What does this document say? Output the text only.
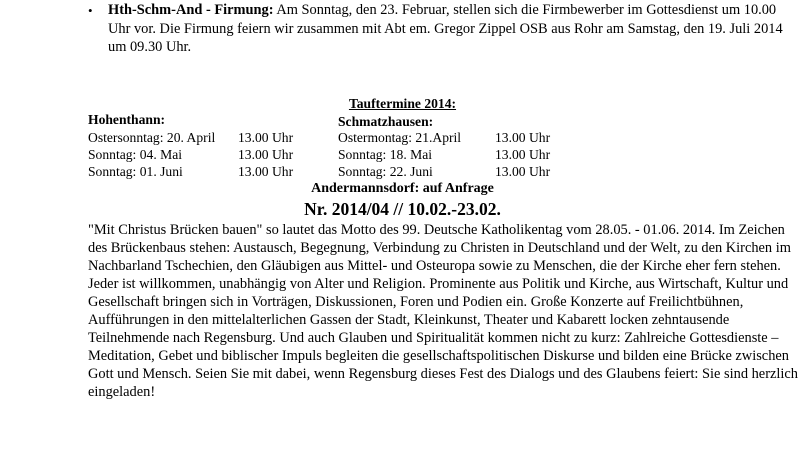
• Hth-Schm-And - Firmung: Am Sonntag, den 23. Februar, stellen sich die Firmbewerber im Gottesdienst um 10.00 Uhr vor. Die Firmung feiern wir zusammen mit Abt em. Gregor Zippel OSB aus Rohr am Samstag, den 19. Juli 2014 um 09.30 Uhr.
Tauftermine 2014:
Hohenthann:	Schmatzhausen:
Ostersonntag: 20. April 13.00 Uhr
Sonntag: 04. Mai	13.00 Uhr
Sonntag: 01. Juni	13.00 Uhr
Ostermontag: 21.April 13.00 Uhr
Sonntag: 18. Mai	13.00 Uhr
Sonntag: 22. Juni	13.00 Uhr
Andermannsdorf: auf Anfrage
Nr. 2014/04 // 10.02.-23.02.
"Mit Christus Brücken bauen" so lautet das Motto des 99. Deutsche Katholikentag vom 28.05. - 01.06. 2014. Im Zeichen des Brückenbaus stehen: Austausch, Begegnung, Verbindung zu Christen in Deutschland und der Welt, zu den Kirchen im Nachbarland Tschechien, den Gläubigen aus Mittel- und Osteuropa sowie zu Menschen, die der Kirche eher fern stehen. Jeder ist willkommen, unabhängig von Alter und Religion. Prominente aus Politik und Kirche, aus Wirtschaft, Kultur und Gesellschaft bringen sich in Vorträgen, Diskussionen, Foren und Podien ein. Große Konzerte auf Freilichtbühnen, Aufführungen in den mittelalterlichen Gassen der Stadt, Kleinkunst, Theater und Kabarett locken zehntausende Teilnehmende nach Regensburg. Und auch Glauben und Spiritualität kommen nicht zu kurz: Zahlreiche Gottesdienste – Meditation, Gebet und biblischer Impuls begleiten die gesellschaftspolitischen Diskurse und bilden eine Brücke zwischen Gott und Mensch. Seien Sie mit dabei, wenn Regensburg dieses Fest des Dialogs und des Glaubens feiert: Sie sind herzlich eingeladen!
